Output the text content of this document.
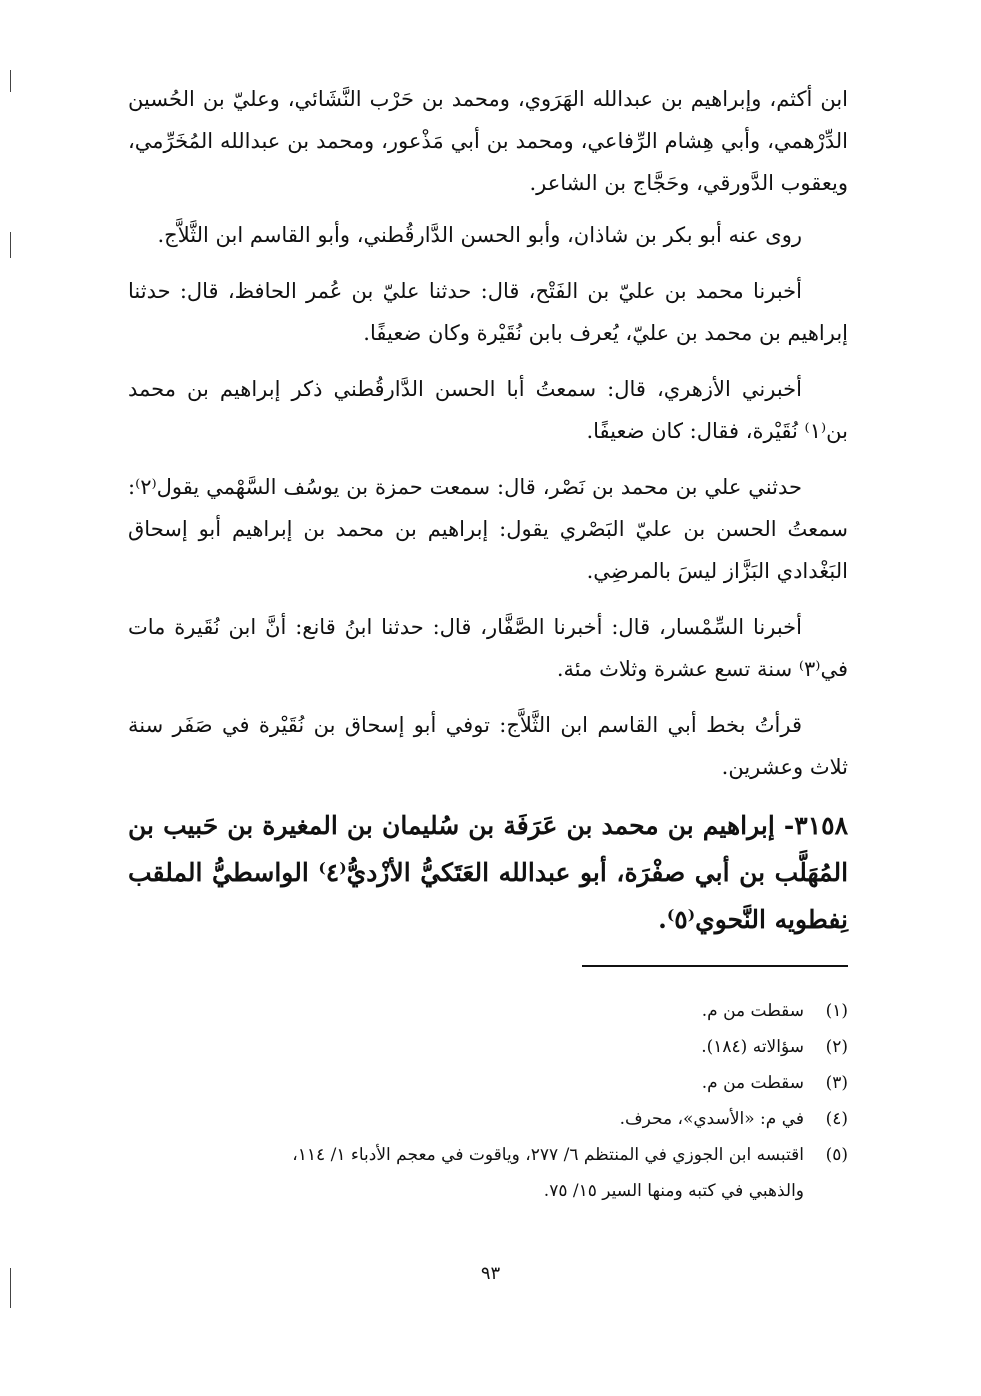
ابن أكثم، وإبراهيم بن عبدالله الهَرَوي، ومحمد بن حَرْب النَّشَائي، وعليّ بن الحُسين الدِّرْهمي، وأبي هِشام الرِّفاعي، ومحمد بن أبي مَذْعور، ومحمد بن عبدالله المُخَرِّمي، ويعقوب الدَّورقي، وحَجَّاج بن الشاعر.

روى عنه أبو بكر بن شاذان، وأبو الحسن الدَّارقُطني، وأبو القاسم ابن الثَّلاَّج.

أخبرنا محمد بن عليّ بن الفَتْح، قال: حدثنا عليّ بن عُمر الحافظ، قال: حدثنا إبراهيم بن محمد بن عليّ، يُعرف بابن نُقَيْرة وكان ضعيفًا.

أخبرني الأزهري، قال: سمعتُ أبا الحسن الدَّارقُطني ذكر إبراهيم بن محمد بن⁽١⁾ نُقَيْرة، فقال: كان ضعيفًا.

حدثني علي بن محمد بن نَصْر، قال: سمعت حمزة بن يوسُف السَّهْمي يقول⁽٢⁾: سمعتُ الحسن بن عليّ البَصْري يقول: إبراهيم بن محمد بن إبراهيم أبو إسحاق البَغْدادي البَزَّاز ليسَ بالمرضِي.

أخبرنا السِّمْسار، قال: أخبرنا الصَّفَّار، قال: حدثنا ابنُ قانع: أنَّ ابن نُقَيرة مات في⁽٣⁾ سنة تسع عشرة وثلاث مئة.

قرأتُ بخط أبي القاسم ابن الثَّلاَّج: توفي أبو إسحاق بن نُقَيْرة في صَفَر سنة ثلاث وعشرين.

٣١٥٨- إبراهيم بن محمد بن عَرَفَة بن سُليمان بن المغيرة بن حَبيب بن المُهَلَّب بن أبي صفْرَة، أبو عبدالله العَتَكيُّ الأزْديُّ⁽٤⁾ الواسطيُّ الملقب نِفطويه النَّحوي⁽٥⁾.

(١)سقطت من م.

(٢)سؤالاته (١٨٤).

(٣)سقطت من م.

(٤)في م: «الأسدي»، محرف.

(٥)اقتبسه ابن الجوزي في المنتظم ٦/ ٢٧٧، وياقوت في معجم الأدباء ١/ ١١٤،
والذهبي في كتبه ومنها السير ١٥/ ٧٥.

٩٣
